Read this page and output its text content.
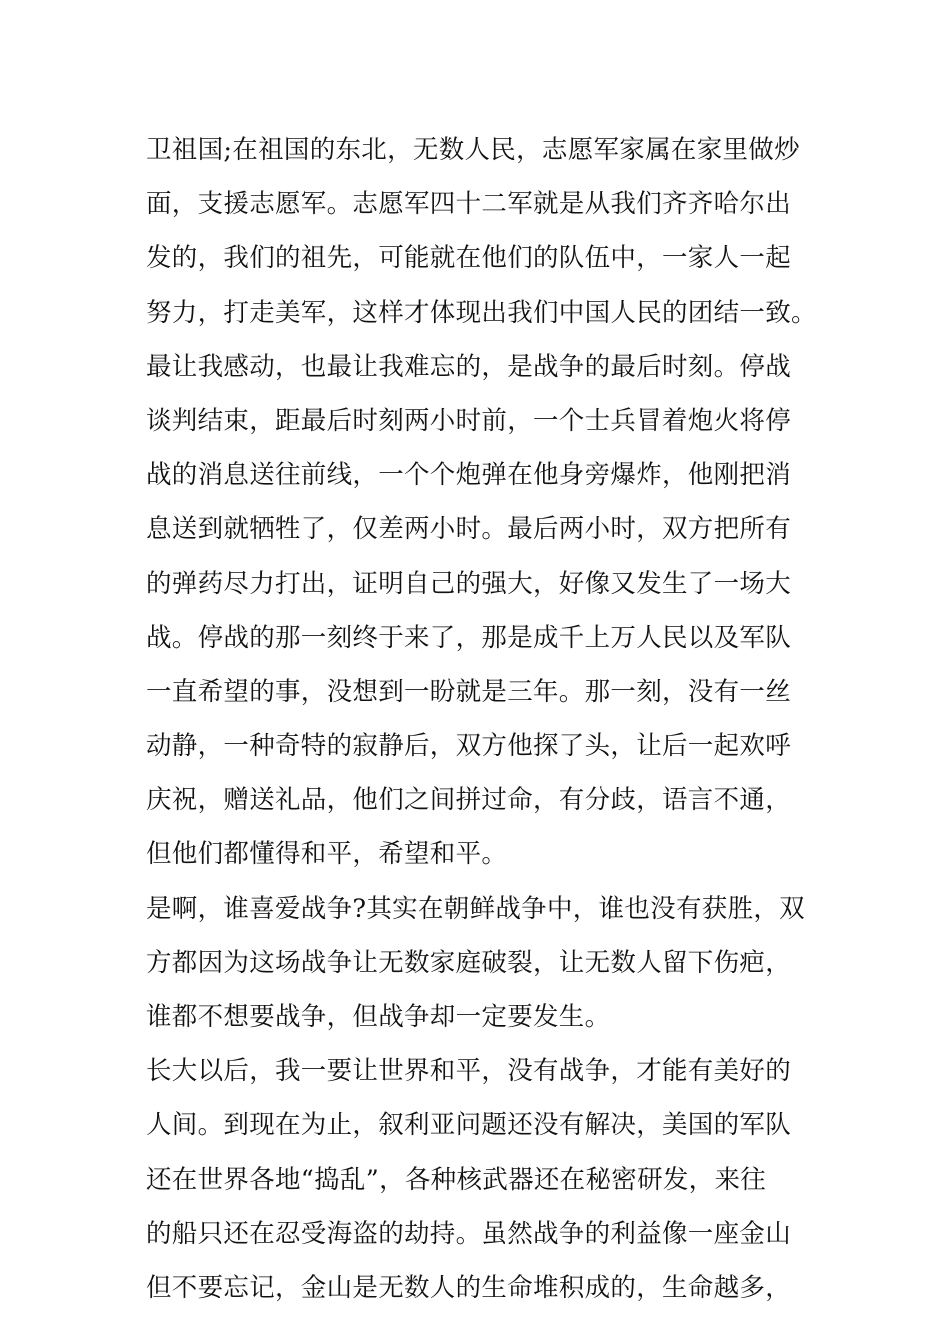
卫祖国;在祖国的东北，无数人民，志愿军家属在家里做炒
面，支援志愿军。志愿军四十二军就是从我们齐齐哈尔出
发的，我们的祖先，可能就在他们的队伍中，一家人一起
努力，打走美军，这样才体现出我们中国人民的团结一致。
最让我感动，也最让我难忘的，是战争的最后时刻。停战
谈判结束，距最后时刻两小时前，一个士兵冒着炮火将停
战的消息送往前线，一个个炮弹在他身旁爆炸，他刚把消
息送到就牺牲了，仅差两小时。最后两小时，双方把所有
的弹药尽力打出，证明自己的强大，好像又发生了一场大
战。停战的那一刻终于来了，那是成千上万人民以及军队
一直希望的事，没想到一盼就是三年。那一刻，没有一丝
动静，一种奇特的寂静后，双方他探了头，让后一起欢呼
庆祝，赠送礼品，他们之间拼过命，有分歧，语言不通，
但他们都懂得和平，希望和平。
是啊，谁喜爱战争?其实在朝鲜战争中，谁也没有获胜，双
方都因为这场战争让无数家庭破裂，让无数人留下伤疤，
谁都不想要战争，但战争却一定要发生。
长大以后，我一要让世界和平，没有战争，才能有美好的
人间。到现在为止，叙利亚问题还没有解决，美国的军队
还在世界各地“捣乱”，各种核武器还在秘密研发，来往
的船只还在忍受海盗的劫持。虽然战争的利益像一座金山
但不要忘记，金山是无数人的生命堆积成的，生命越多，
